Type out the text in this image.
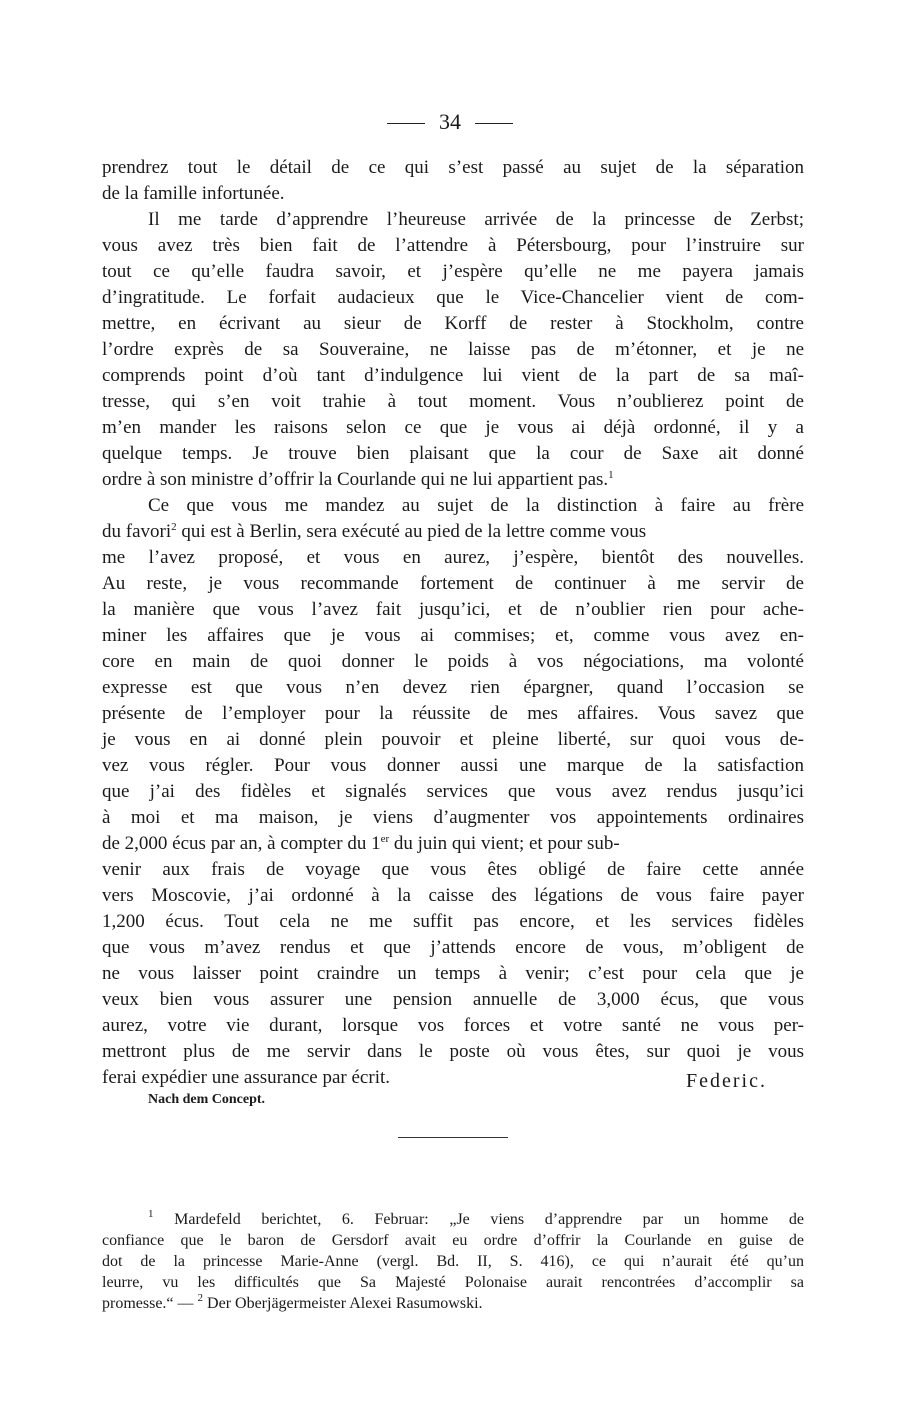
34
prendrez tout le détail de ce qui s’est passé au sujet de la séparation
de la famille infortunée.
Il me tarde d’apprendre l’heureuse arrivée de la princesse de Zerbst;
vous avez très bien fait de l’attendre à Pétersbourg, pour l’instruire sur
tout ce qu’elle faudra savoir, et j’espère qu’elle ne me payera jamais
d’ingratitude. Le forfait audacieux que le Vice-Chancelier vient de com-
mettre, en écrivant au sieur de Korff de rester à Stockholm, contre
l’ordre exprès de sa Souveraine, ne laisse pas de m’étonner, et je ne
comprends point d’où tant d’indulgence lui vient de la part de sa maî-
tresse, qui s’en voit trahie à tout moment. Vous n’oublierez point de
m’en mander les raisons selon ce que je vous ai déjà ordonné, il y a
quelque temps. Je trouve bien plaisant que la cour de Saxe ait donné
ordre à son ministre d’offrir la Courlande qui ne lui appartient pas.$^1$
Ce que vous me mandez au sujet de la distinction à faire au frère
du favori$^2$ qui est à Berlin, sera exécuté au pied de la lettre comme vous
me l’avez proposé, et vous en aurez, j’espère, bientôt des nouvelles.
Au reste, je vous recommande fortement de continuer à me servir de
la manière que vous l’avez fait jusqu’ici, et de n’oublier rien pour ache-
miner les affaires que je vous ai commises; et, comme vous avez en-
core en main de quoi donner le poids à vos négociations, ma volonté
expresse est que vous n’en devez rien épargner, quand l’occasion se
présente de l’employer pour la réussite de mes affaires. Vous savez que
je vous en ai donné plein pouvoir et pleine liberté, sur quoi vous de-
vez vous régler. Pour vous donner aussi une marque de la satisfaction
que j’ai des fidèles et signalés services que vous avez rendus jusqu’ici
à moi et ma maison, je viens d’augmenter vos appointements ordinaires
de 2,000 écus par an, à compter du 1er du juin qui vient; et pour sub-
venir aux frais de voyage que vous êtes obligé de faire cette année
vers Moscovie, j’ai ordonné à la caisse des légations de vous faire payer
1,200 écus. Tout cela ne me suffit pas encore, et les services fidèles
que vous m’avez rendus et que j’attends encore de vous, m’obligent de
ne vous laisser point craindre un temps à venir; c’est pour cela que je
veux bien vous assurer une pension annuelle de 3,000 écus, que vous
aurez, votre vie durant, lorsque vos forces et votre santé ne vous per-
mettront plus de me servir dans le poste où vous êtes, sur quoi je vous
ferai expédier une assurance par écrit.	Federic.
Nach dem Concept.
$^1$ Mardefeld berichtet, 6. Februar: „Je viens d’apprendre par un homme de
confiance que le baron de Gersdorf avait eu ordre d’offrir la Courlande en guise de
dot de la princesse Marie-Anne (vergl. Bd. II, S. 416), ce qui n’aurait été qu’un
leurre, vu les difficultés que Sa Majesté Polonaise aurait rencontrées d’accomplir sa
promesse.“ — $^2$ Der Oberjägermeister Alexei Rasumowski.
